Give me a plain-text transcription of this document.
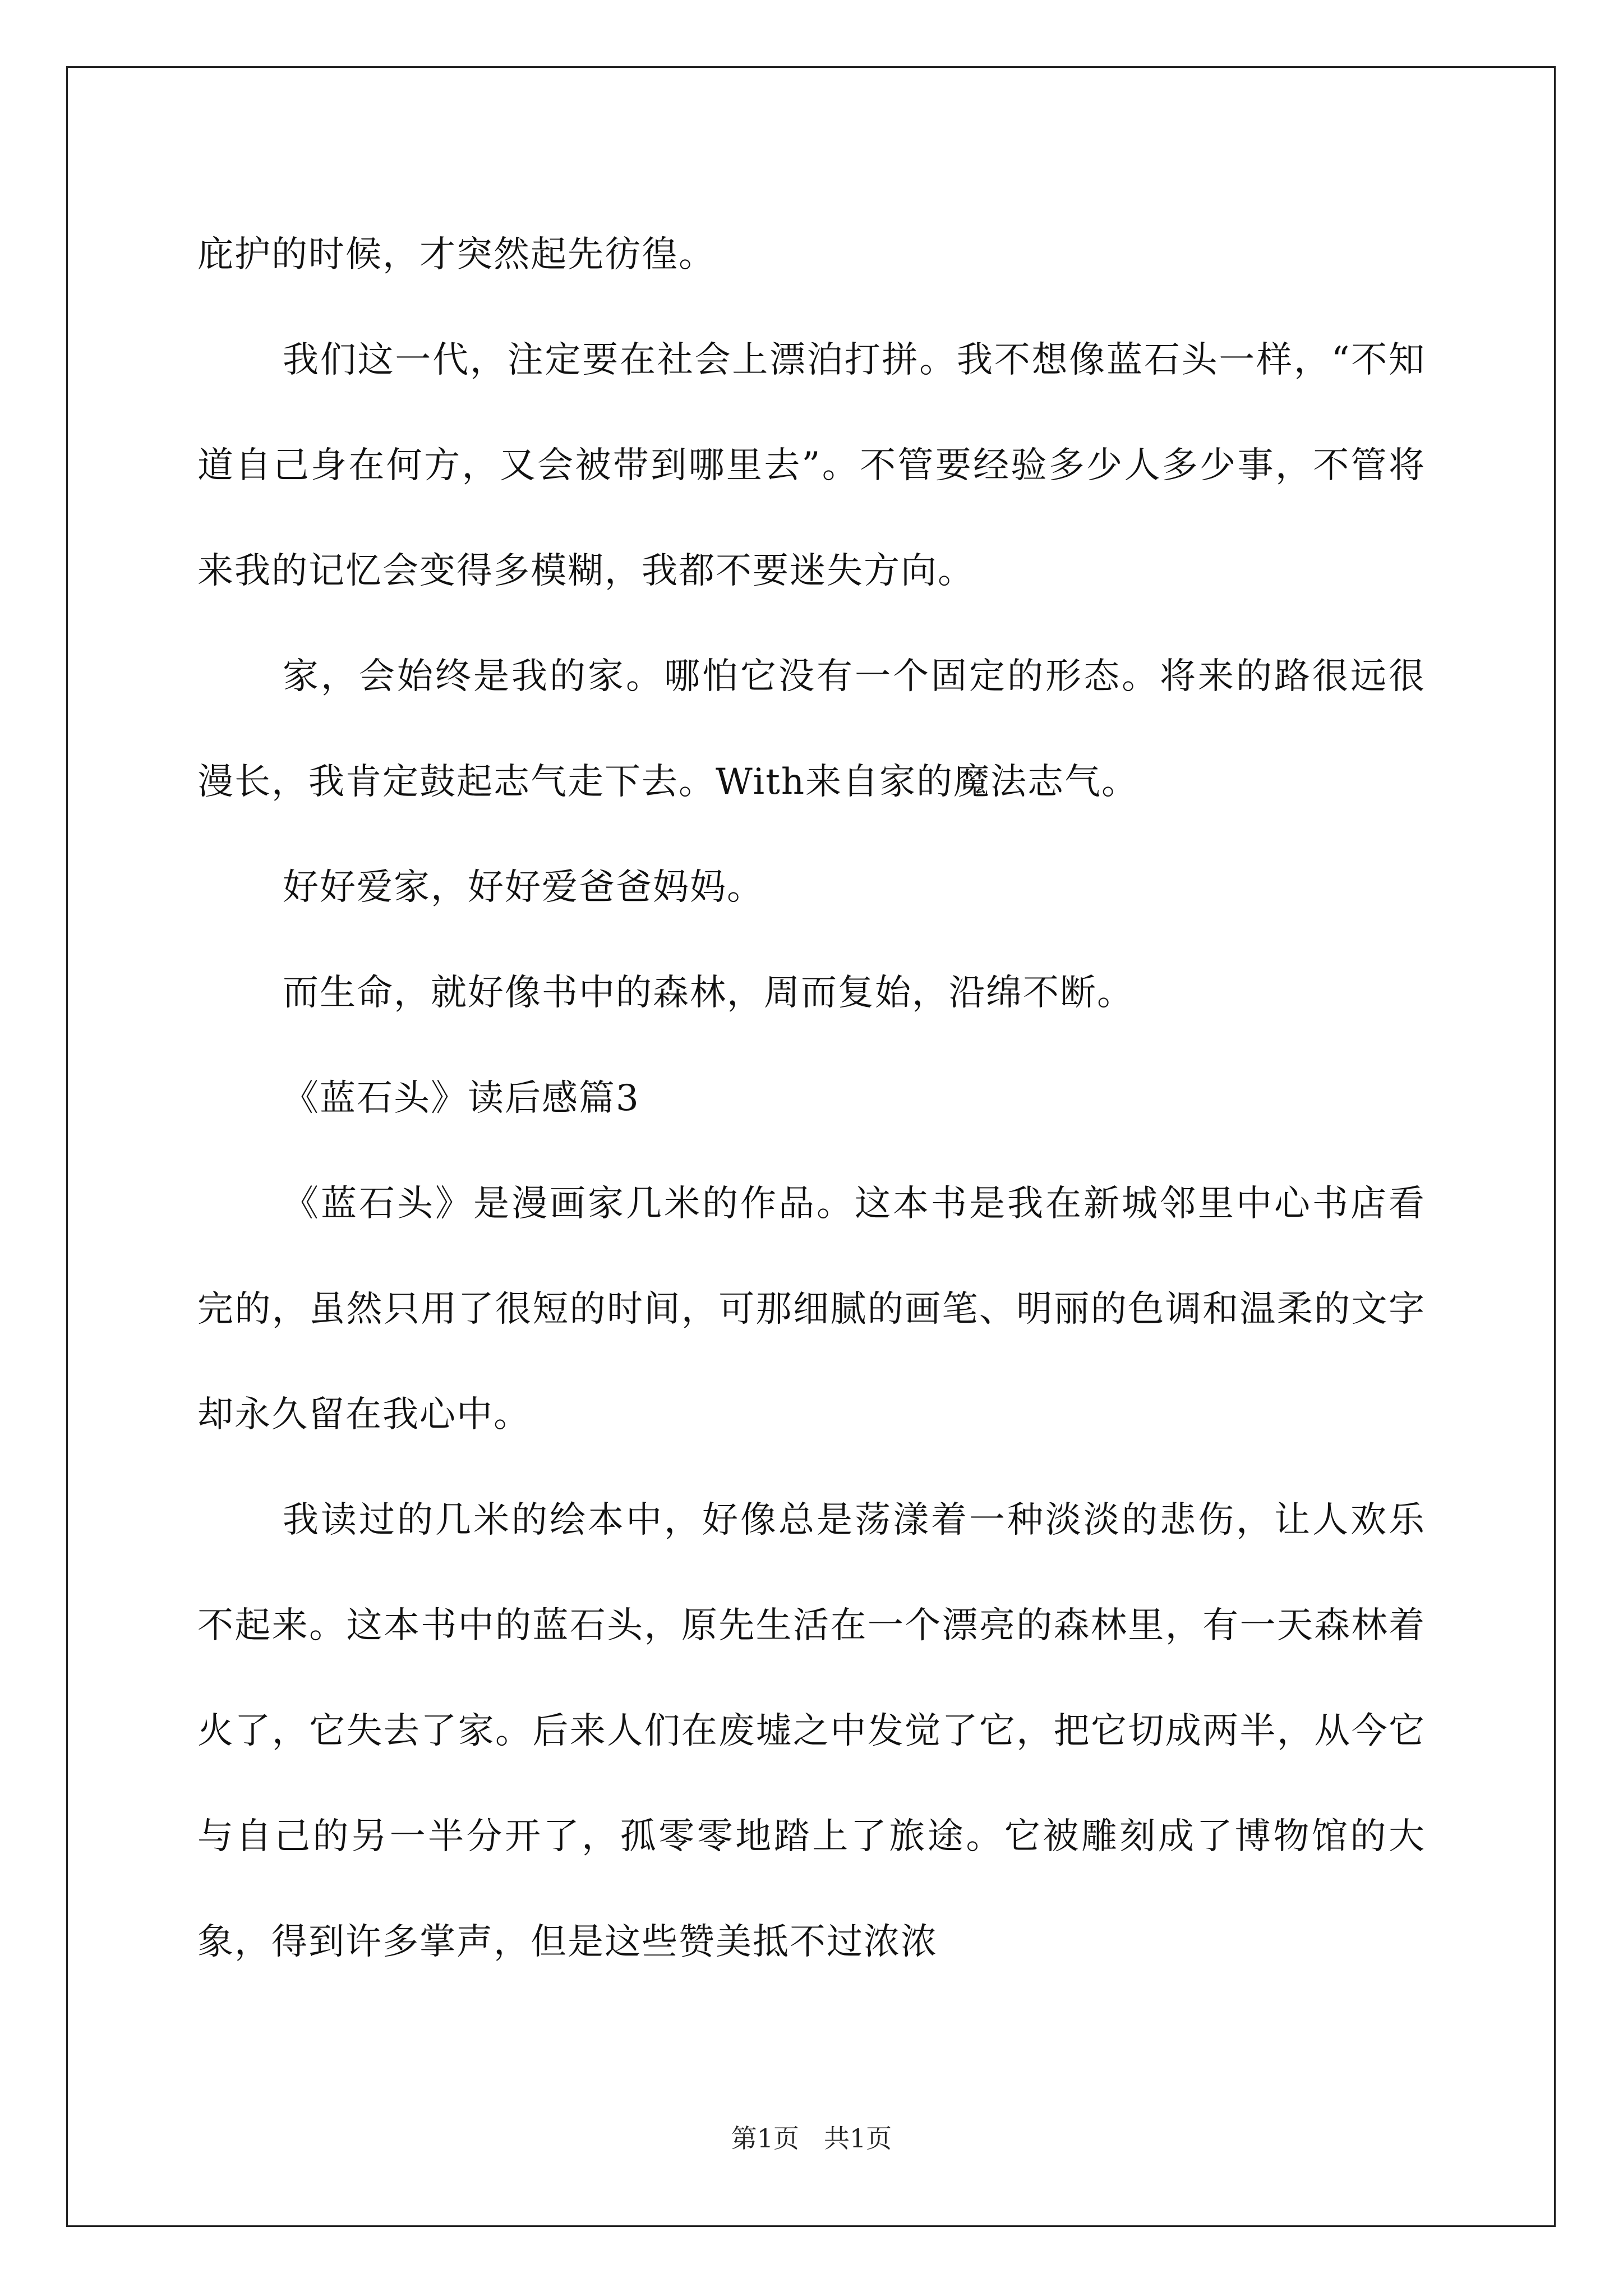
庇护的时候，才突然起先彷徨。

我们这一代，注定要在社会上漂泊打拼。我不想像蓝石头一样，“不知道自己身在何方，又会被带到哪里去”。不管要经验多少人多少事，不管将来我的记忆会变得多模糊，我都不要迷失方向。

家，会始终是我的家。哪怕它没有一个固定的形态。将来的路很远很漫长，我肯定鼓起志气走下去。With来自家的魔法志气。

好好爱家，好好爱爸爸妈妈。

而生命，就好像书中的森林，周而复始，沿绵不断。

《蓝石头》读后感篇3

《蓝石头》是漫画家几米的作品。这本书是我在新城邻里中心书店看完的，虽然只用了很短的时间，可那细腻的画笔、明丽的色调和温柔的文字却永久留在我心中。

我读过的几米的绘本中，好像总是荡漾着一种淡淡的悲伤，让人欢乐不起来。这本书中的蓝石头，原先生活在一个漂亮的森林里，有一天森林着火了，它失去了家。后来人们在废墟之中发觉了它，把它切成两半，从今它与自己的另一半分开了，孤零零地踏上了旅途。它被雕刻成了博物馆的大象，得到许多掌声，但是这些赞美抵不过浓浓

第1页 共1页
